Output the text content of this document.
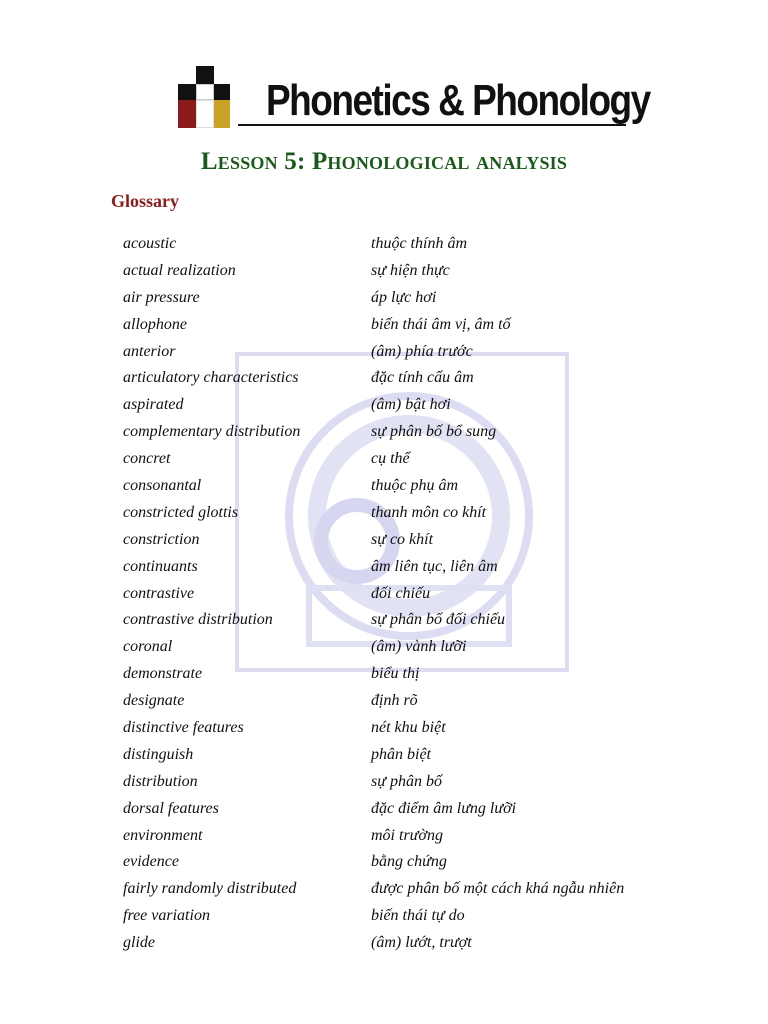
Phonetics & Phonology
Lesson 5: Phonological analysis
Glossary
acoustic	thuộc thính âm
actual realization	sự hiện thực
air pressure	áp lực hơi
allophone	biến thái âm vị, âm tố
anterior	(âm) phía trước
articulatory characteristics	đặc tính cấu âm
aspirated	(âm) bật hơi
complementary distribution	sự phân bố bổ sung
concret	cụ thể
consonantal	thuộc phụ âm
constricted glottis	thanh môn co khít
constriction	sự co khít
continuants	âm liên tục, liên âm
contrastive	đối chiếu
contrastive distribution	sự phân bố đối chiếu
coronal	(âm) vành lưỡi
demonstrate	biểu thị
designate	định rõ
distinctive features	nét khu biệt
distinguish	phân biệt
distribution	sự phân bố
dorsal features	đặc điểm âm lưng lưỡi
environment	môi trường
evidence	bằng chứng
fairly randomly distributed	được phân bố một cách khá ngẫu nhiên
free variation	biến thái tự do
glide	(âm) lướt, trượt
